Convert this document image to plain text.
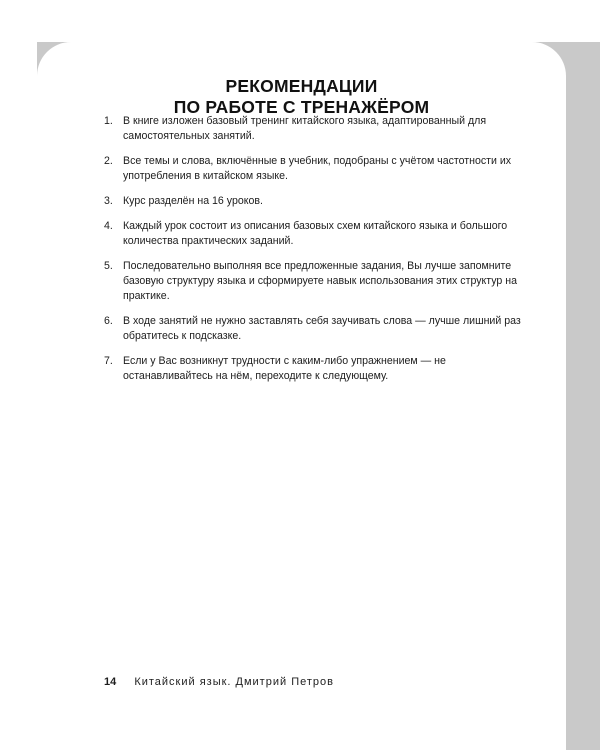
РЕКОМЕНДАЦИИ
ПО РАБОТЕ С ТРЕНАЖЁРОМ
1. В книге изложен базовый тренинг китайского языка, адаптированный для самостоятельных занятий.
2. Все темы и слова, включённые в учебник, подобраны с учётом частотности их употребления в китайском языке.
3. Курс разделён на 16 уроков.
4. Каждый урок состоит из описания базовых схем китайского языка и большого количества практических заданий.
5. Последовательно выполняя все предложенные задания, Вы лучше запомните базовую структуру языка и сформируете навык использования этих структур на практике.
6. В ходе занятий не нужно заставлять себя заучивать слова — лучше лишний раз обратитесь к подсказке.
7. Если у Вас возникнут трудности с каким-либо упражнением — не останавливайтесь на нём, переходите к следующему.
14 Китайский язык. Дмитрий Петров
